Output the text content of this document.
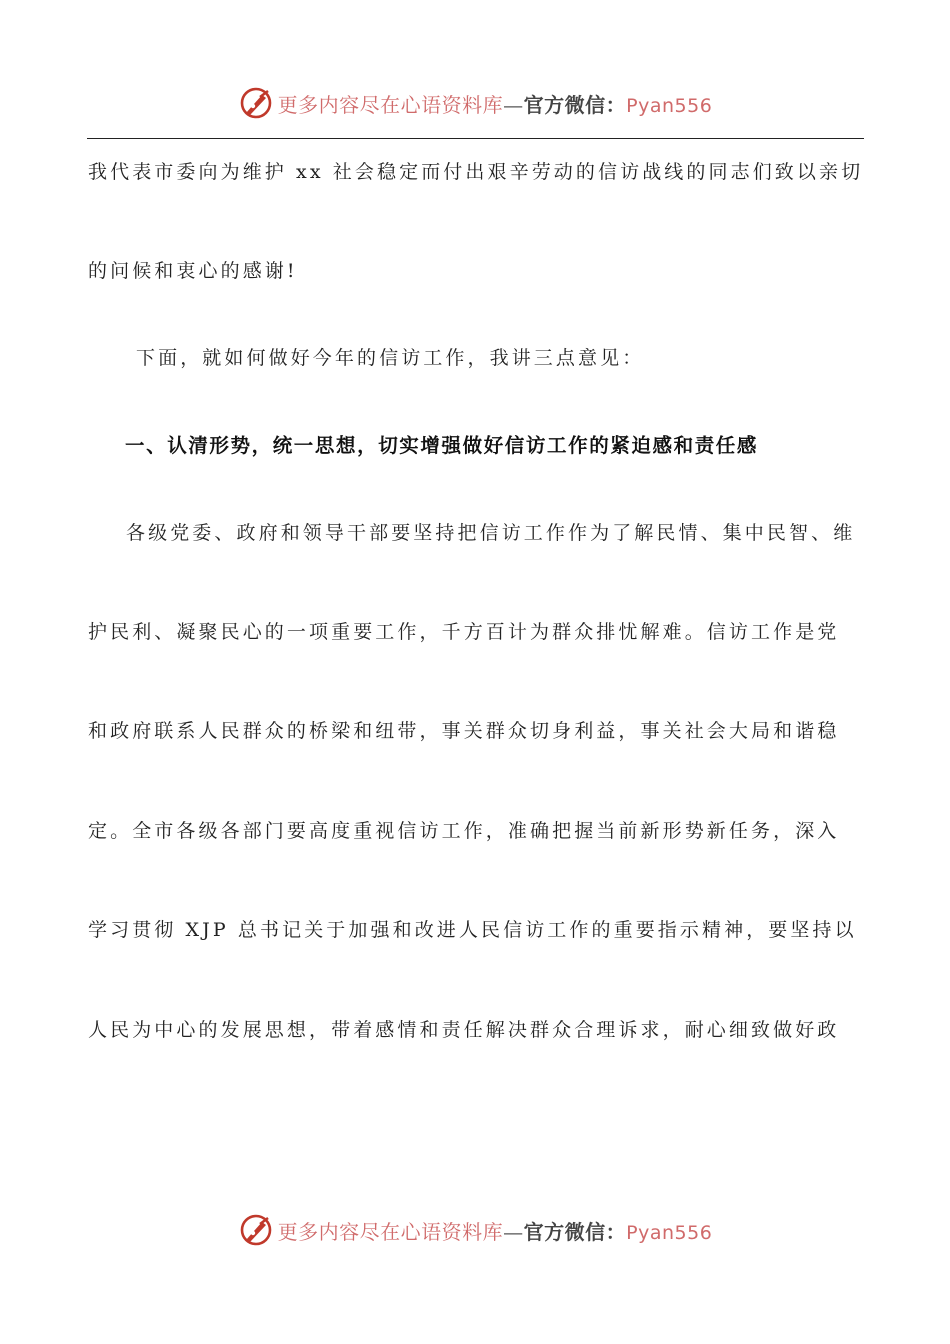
更多内容尽在心语资料库—官方微信：Pyan556
我代表市委向为维护 xx 社会稳定而付出艰辛劳动的信访战线的同志们致以亲切
的问候和衷心的感谢!
下面，就如何做好今年的信访工作，我讲三点意见：
一、认清形势，统一思想，切实增强做好信访工作的紧迫感和责任感
各级党委、政府和领导干部要坚持把信访工作作为了解民情、集中民智、维
护民利、凝聚民心的一项重要工作，千方百计为群众排忧解难。信访工作是党
和政府联系人民群众的桥梁和纽带，事关群众切身利益，事关社会大局和谐稳
定。全市各级各部门要高度重视信访工作，准确把握当前新形势新任务，深入
学习贯彻 XJP 总书记关于加强和改进人民信访工作的重要指示精神，要坚持以
人民为中心的发展思想，带着感情和责任解决群众合理诉求，耐心细致做好政
更多内容尽在心语资料库—官方微信：Pyan556
